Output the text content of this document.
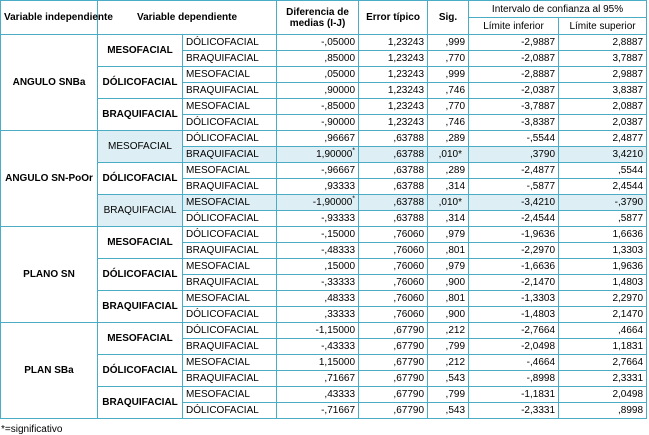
Variable independiente	Variable dependiente		Diferencia de medias (I-J)	Error típico	Sig.	Intervalo de confianza al 95%	
						Límite inferior	Límite superior
ANGULO SNBa	MESOFACIAL	DÓLICOFACIAL	-,05000	1,23243	,999	-2,9887	2,8887
		BRAQUIFACIAL	,85000	1,23243	,770	-2,0887	3,7887
	DÓLICOFACIAL	MESOFACIAL	,05000	1,23243	,999	-2,8887	2,9887
		BRAQUIFACIAL	,90000	1,23243	,746	-2,0387	3,8387
	BRAQUIFACIAL	MESOFACIAL	-,85000	1,23243	,770	-3,7887	2,0887
		DÓLICOFACIAL	-,90000	1,23243	,746	-3,8387	2,0387
ANGULO SN-PoOr	MESOFACIAL	DÓLICOFACIAL	,96667	,63788	,289	-,5544	2,4877
		BRAQUIFACIAL	1,90000*	,63788	,010*	,3790	3,4210
	DÓLICOFACIAL	MESOFACIAL	-,96667	,63788	,289	-2,4877	,5544
		BRAQUIFACIAL	,93333	,63788	,314	-,5877	2,4544
	BRAQUIFACIAL	MESOFACIAL	-1,90000*	,63788	,010*	-3,4210	-,3790
		DÓLICOFACIAL	-,93333	,63788	,314	-2,4544	,5877
PLANO SN	MESOFACIAL	DÓLICOFACIAL	-,15000	,76060	,979	-1,9636	1,6636
		BRAQUIFACIAL	-,48333	,76060	,801	-2,2970	1,3303
	DÓLICOFACIAL	MESOFACIAL	,15000	,76060	,979	-1,6636	1,9636
		BRAQUIFACIAL	-,33333	,76060	,900	-2,1470	1,4803
	BRAQUIFACIAL	MESOFACIAL	,48333	,76060	,801	-1,3303	2,2970
		DÓLICOFACIAL	,33333	,76060	,900	-1,4803	2,1470
PLAN SBa	MESOFACIAL	DÓLICOFACIAL	-1,15000	,67790	,212	-2,7664	,4664
		BRAQUIFACIAL	-,43333	,67790	,799	-2,0498	1,1831
	DÓLICOFACIAL	MESOFACIAL	1,15000	,67790	,212	-,4664	2,7664
		BRAQUIFACIAL	,71667	,67790	,543	-,8998	2,3331
	BRAQUIFACIAL	MESOFACIAL	,43333	,67790	,799	-1,1831	2,0498
		DÓLICOFACIAL	-,71667	,67790	,543	-2,3331	,8998
*=significativo
